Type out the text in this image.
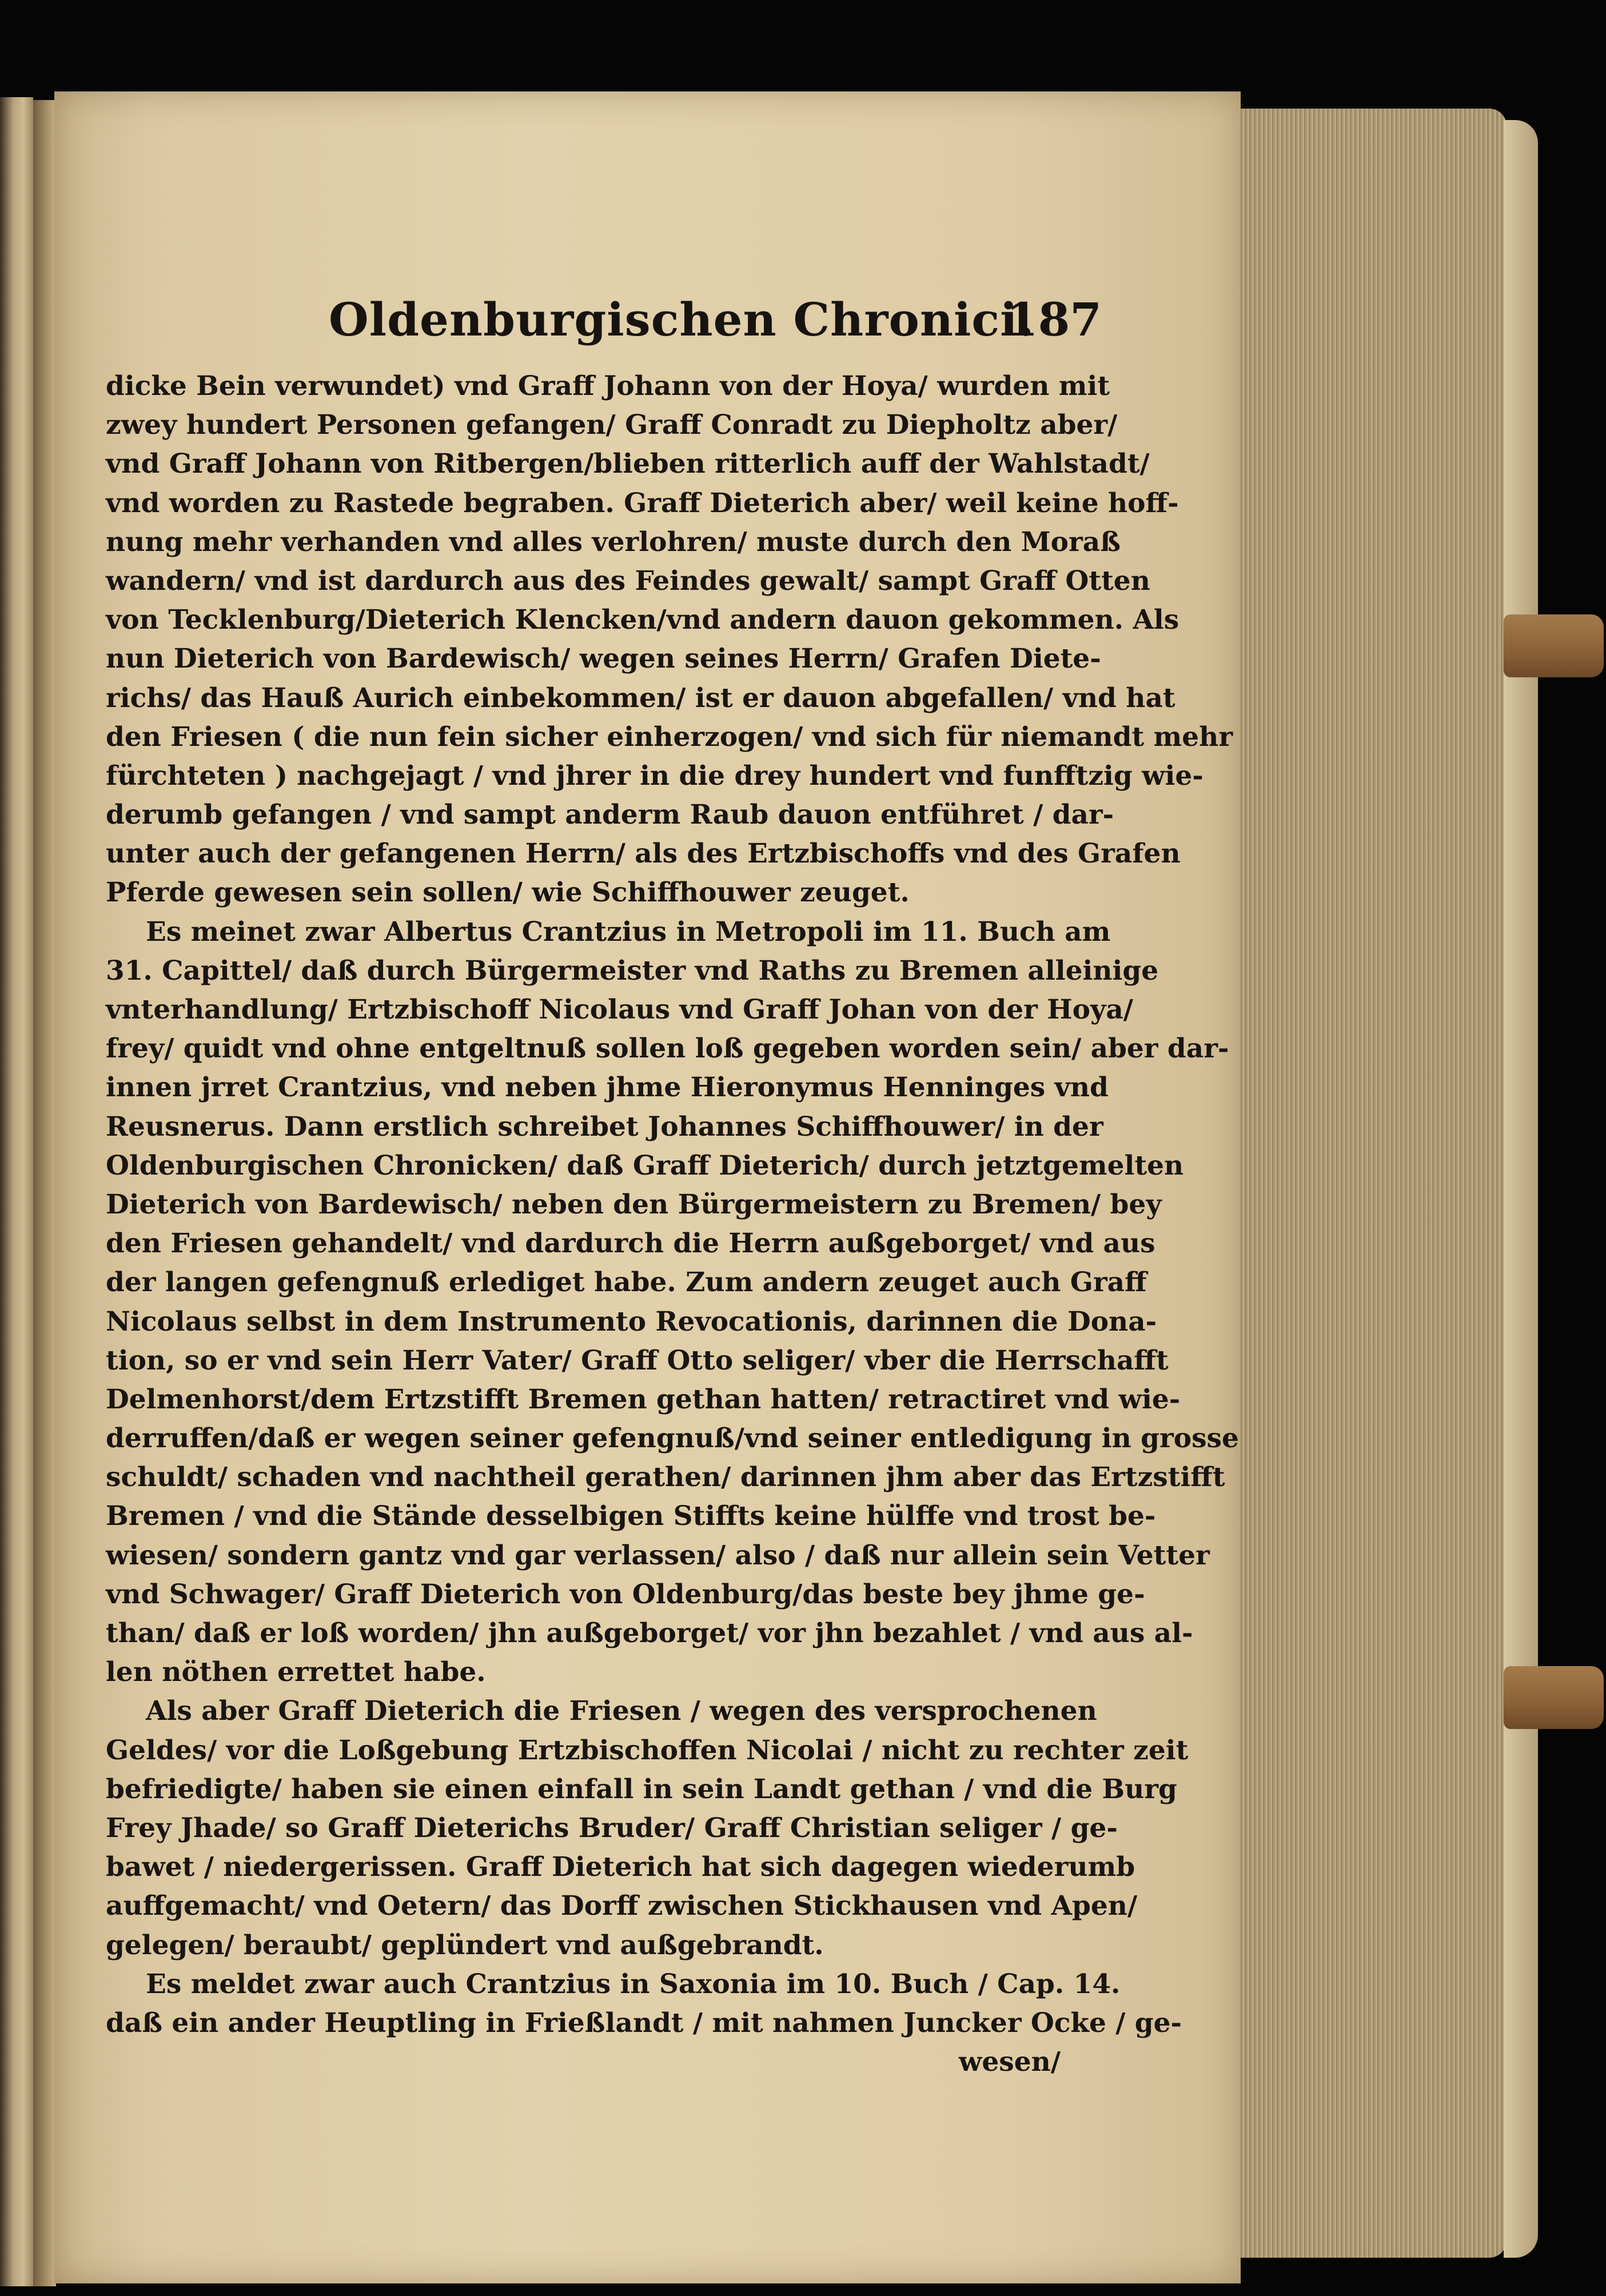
Oldenburgischen Chronici.
187
dicke Bein verwundet) vnd Graff Johann von der Hoya/ wurden mit
zwey hundert Personen gefangen/ Graff Conradt zu Diepholtz aber/
vnd Graff Johann von Ritbergen/blieben ritterlich auff der Wahlstadt/
vnd worden zu Rastede begraben. Graff Dieterich aber/ weil keine hoff-
nung mehr verhanden vnd alles verlohren/ muste durch den Moraß
wandern/ vnd ist dardurch aus des Feindes gewalt/ sampt Graff Otten
von Tecklenburg/Dieterich Klencken/vnd andern dauon gekommen. Als
nun Dieterich von Bardewisch/ wegen seines Herrn/ Grafen Diete-
richs/ das Hauß Aurich einbekommen/ ist er dauon abgefallen/ vnd hat
den Friesen ( die nun fein sicher einherzogen/ vnd sich für niemandt mehr
fürchteten ) nachgejagt / vnd jhrer in die drey hundert vnd funfftzig wie-
derumb gefangen / vnd sampt anderm Raub dauon entführet / dar-
unter auch der gefangenen Herrn/ als des Ertzbischoffs vnd des Grafen
Pferde gewesen sein sollen/ wie Schiffhouwer zeuget.
Es meinet zwar Albertus Crantzius in Metropoli im 11. Buch am
31. Capittel/ daß durch Bürgermeister vnd Raths zu Bremen alleinige
vnterhandlung/ Ertzbischoff Nicolaus vnd Graff Johan von der Hoya/
frey/ quidt vnd ohne entgeltnuß sollen loß gegeben worden sein/ aber dar-
innen jrret Crantzius, vnd neben jhme Hieronymus Henninges vnd
Reusnerus. Dann erstlich schreibet Johannes Schiffhouwer/ in der
Oldenburgischen Chronicken/ daß Graff Dieterich/ durch jetztgemelten
Dieterich von Bardewisch/ neben den Bürgermeistern zu Bremen/ bey
den Friesen gehandelt/ vnd dardurch die Herrn außgeborget/ vnd aus
der langen gefengnuß erlediget habe. Zum andern zeuget auch Graff
Nicolaus selbst in dem Instrumento Revocationis, darinnen die Dona-
tion, so er vnd sein Herr Vater/ Graff Otto seliger/ vber die Herrschafft
Delmenhorst/dem Ertzstifft Bremen gethan hatten/ retractiret vnd wie-
derruffen/daß er wegen seiner gefengnuß/vnd seiner entledigung in grosse
schuldt/ schaden vnd nachtheil gerathen/ darinnen jhm aber das Ertzstifft
Bremen / vnd die Stände desselbigen Stiffts keine hülffe vnd trost be-
wiesen/ sondern gantz vnd gar verlassen/ also / daß nur allein sein Vetter
vnd Schwager/ Graff Dieterich von Oldenburg/das beste bey jhme ge-
than/ daß er loß worden/ jhn außgeborget/ vor jhn bezahlet / vnd aus al-
len nöthen errettet habe.
Als aber Graff Dieterich die Friesen / wegen des versprochenen
Geldes/ vor die Loßgebung Ertzbischoffen Nicolai / nicht zu rechter zeit
befriedigte/ haben sie einen einfall in sein Landt gethan / vnd die Burg
Frey Jhade/ so Graff Dieterichs Bruder/ Graff Christian seliger / ge-
bawet / niedergerissen. Graff Dieterich hat sich dagegen wiederumb
auffgemacht/ vnd Oetern/ das Dorff zwischen Stickhausen vnd Apen/
gelegen/ beraubt/ geplündert vnd außgebrandt.
Es meldet zwar auch Crantzius in Saxonia im 10. Buch / Cap. 14.
daß ein ander Heuptling in Frießlandt / mit nahmen Juncker Ocke / ge-
wesen/
